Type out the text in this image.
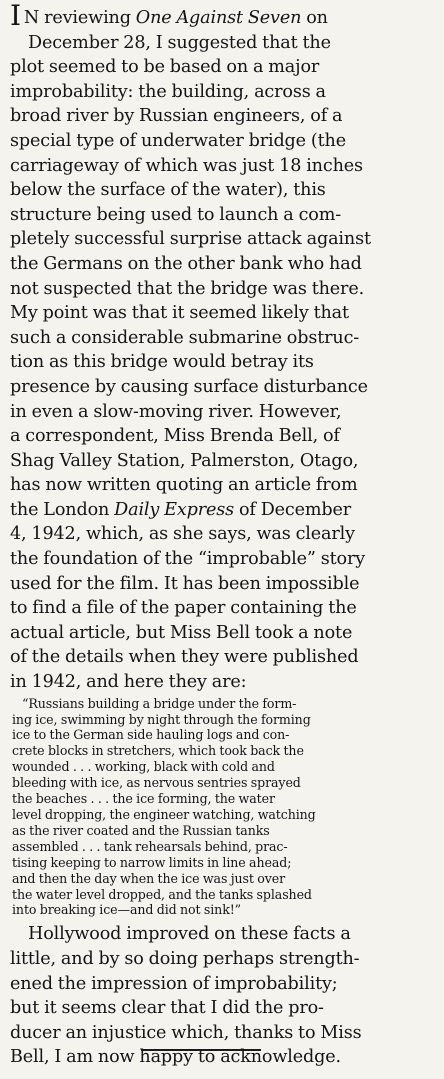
I N reviewing One Against Seven on
December 28, I suggested that the
plot seemed to be based on a major
improbability: the building, across a
broad river by Russian engineers, of a
special type of underwater bridge (the
carriageway of which was just 18 inches
below the surface of the water), this
structure being used to launch a com-
pletely successful surprise attack against
the Germans on the other bank who had
not suspected that the bridge was there.
My point was that it seemed likely that
such a considerable submarine obstruc-
tion as this bridge would betray its
presence by causing surface disturbance
in even a slow-moving river. However,
a correspondent, Miss Brenda Bell, of
Shag Valley Station, Palmerston, Otago,
has now written quoting an article from
the London Daily Express of December
4, 1942, which, as she says, was clearly
the foundation of the “improbable” story
used for the film. It has been impossible
to find a file of the paper containing the
actual article, but Miss Bell took a note
of the details when they were published
in 1942, and here they are:
“Russians building a bridge under the form-
ing ice, swimming by night through the forming
ice to the German side hauling logs and con-
crete blocks in stretchers, which took back the
wounded . . . working, black with cold and
bleeding with ice, as nervous sentries sprayed
the beaches . . . the ice forming, the water
level dropping, the engineer watching, watching
as the river coated and the Russian tanks
assembled . . . tank rehearsals behind, prac-
tising keeping to narrow limits in line ahead;
and then the day when the ice was just over
the water level dropped, and the tanks splashed
into breaking ice—and did not sink!”
Hollywood improved on these facts a
little, and by so doing perhaps strength-
ened the impression of improbability;
but it seems clear that I did the pro-
ducer an injustice which, thanks to Miss
Bell, I am now happy to acknowledge.
